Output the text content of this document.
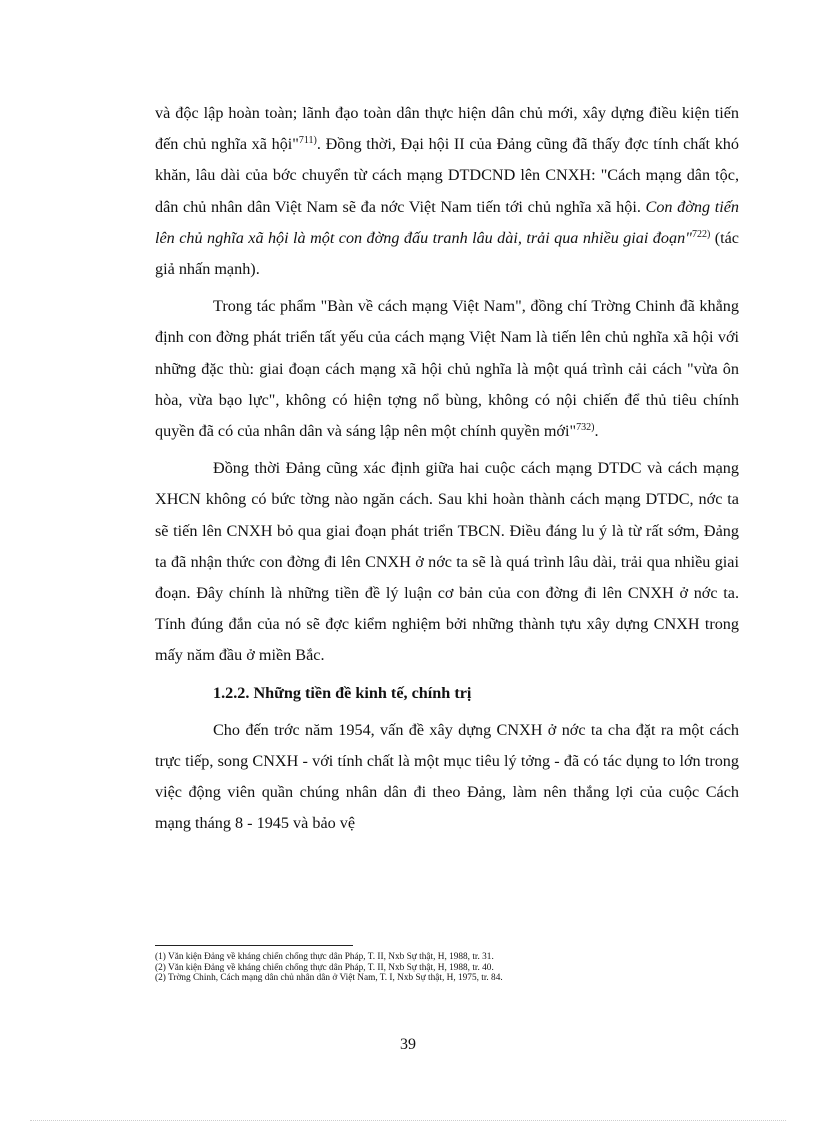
và độc lập hoàn toàn; lãnh đạo toàn dân thực hiện dân chủ mới, xây dựng điều kiện tiến đến chủ nghĩa xã hội"$^{711)}$. Đồng thời, Đại hội II của Đảng cũng đã thấy đợc tính chất khó khăn, lâu dài của bớc chuyển từ cách mạng DTDCND lên CNXH: "Cách mạng dân tộc, dân chủ nhân dân Việt Nam sẽ đa nớc Việt Nam tiến tới chủ nghĩa xã hội. Con đờng tiến lên chủ nghĩa xã hội là một con đờng đấu tranh lâu dài, trải qua nhiều giai đoạn"$^{722)}$ (tác giả nhấn mạnh).

Trong tác phẩm "Bàn về cách mạng Việt Nam", đồng chí Trờng Chinh đã khẳng định con đờng phát triển tất yếu của cách mạng Việt Nam là tiến lên chủ nghĩa xã hội với những đặc thù: giai đoạn cách mạng xã hội chủ nghĩa là một quá trình cải cách "vừa ôn hòa, vừa bạo lực", không có hiện tợng nổ bùng, không có nội chiến để thủ tiêu chính quyền đã có của nhân dân và sáng lập nên một chính quyền mới"$^{732)}$.

Đồng thời Đảng cũng xác định giữa hai cuộc cách mạng DTDC và cách mạng XHCN không có bức tờng nào ngăn cách. Sau khi hoàn thành cách mạng DTDC, nớc ta sẽ tiến lên CNXH bỏ qua giai đoạn phát triển TBCN. Điều đáng lu ý là từ rất sớm, Đảng ta đã nhận thức con đờng đi lên CNXH ở nớc ta sẽ là quá trình lâu dài, trải qua nhiều giai đoạn. Đây chính là những tiền đề lý luận cơ bản của con đờng đi lên CNXH ở nớc ta. Tính đúng đắn của nó sẽ đợc kiểm nghiệm bởi những thành tựu xây dựng CNXH trong mấy năm đầu ở miền Bắc.

1.2.2. Những tiền đề kinh tế, chính trị

Cho đến trớc năm 1954, vấn đề xây dựng CNXH ở nớc ta cha đặt ra một cách trực tiếp, song CNXH - với tính chất là một mục tiêu lý tởng - đã có tác dụng to lớn trong việc động viên quần chúng nhân dân đi theo Đảng, làm nên thắng lợi của cuộc Cách mạng tháng 8 - 1945 và bảo vệ

(1) Văn kiện Đảng về kháng chiến chống thực dân Pháp, T. II, Nxb Sự thật, H, 1988, tr. 31.

(2) Văn kiện Đảng về kháng chiến chống thực dân Pháp, T. II, Nxb Sự thật, H, 1988, tr. 40.

(2) Trờng Chinh, Cách mạng dân chủ nhân dân ở Việt Nam, T. I, Nxb Sự thật, H, 1975, tr. 84.

39
